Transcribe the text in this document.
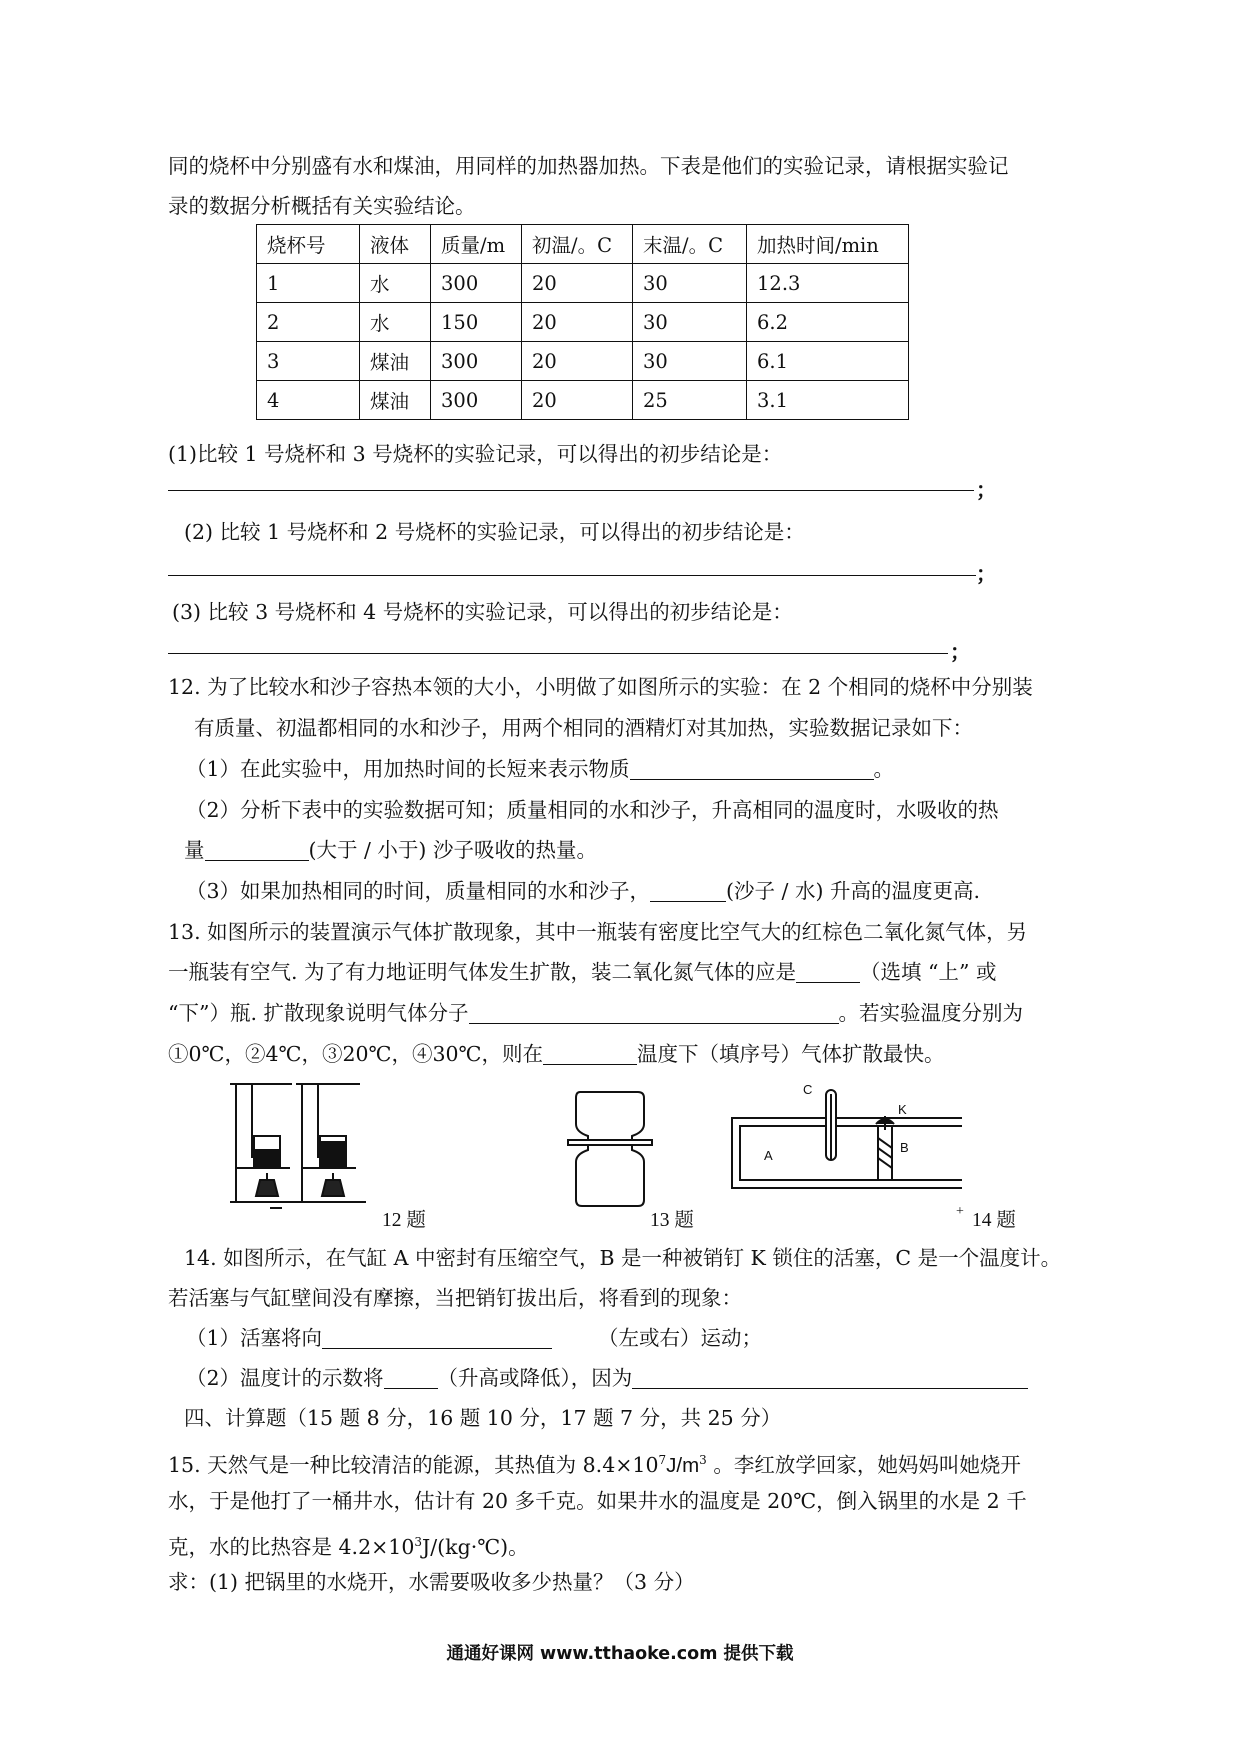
同的烧杯中分别盛有水和煤油，用同样的加热器加热。下表是他们的实验记录，请根据实验记
录的数据分析概括有关实验结论。
烧杯号	液体	质量/m	初温/。C	末温/。C	加热时间/min
1	水	300	20	30	12.3
2	水	150	20	30	6.2
3	煤油	300	20	30	6.1
4	煤油	300	20	25	3.1
(1)比较 1 号烧杯和 3 号烧杯的实验记录，可以得出的初步结论是：
；
(2) 比较 1 号烧杯和 2 号烧杯的实验记录，可以得出的初步结论是：
；
(3) 比较 3 号烧杯和 4 号烧杯的实验记录，可以得出的初步结论是：
；
12. 为了比较水和沙子容热本领的大小，小明做了如图所示的实验：在 2 个相同的烧杯中分别装
有质量、初温都相同的水和沙子，用两个相同的酒精灯对其加热，实验数据记录如下：
（1）在此实验中，用加热时间的长短来表示物质	。
（2）分析下表中的实验数据可知；质量相同的水和沙子，升高相同的温度时，水吸收的热
量	(大于 / 小于) 沙子吸收的热量。
（3）如果加热相同的时间，质量相同的水和沙子，	(沙子 / 水) 升高的温度更高.
13. 如图所示的装置演示气体扩散现象，其中一瓶装有密度比空气大的红棕色二氧化氮气体，另
一瓶装有空气. 为了有力地证明气体发生扩散，装二氧化氮气体的应是	（选填 “上” 或
“下”）瓶. 扩散现象说明气体分子	。若实验温度分别为
①0℃，②4℃，③20℃，④30℃，则在	温度下（填序号）气体扩散最快。
12 题	13 题
C
K
A
B
+ 14 题
14. 如图所示，在气缸 A 中密封有压缩空气，B 是一种被销钉 K 锁住的活塞，C 是一个温度计。
若活塞与气缸壁间没有摩擦，当把销钉拔出后，将看到的现象：
（1）活塞将向	（左或右）运动；
（2）温度计的示数将	（升高或降低），因为
四、计算题（15 题 8 分，16 题 10 分，17 题 7 分，共 25 分）
15. 天然气是一种比较清洁的能源，其热值为 $8.4\times 10^7J/m^3$ 。李红放学回家，她妈妈叫她烧开
水，于是他打了一桶井水，估计有 20 多千克。如果井水的温度是 20℃，倒入锅里的水是 2 千
克，水的比热容是 $4.2\times 10^3J/(kg\cdot℃)$。
求：(1) 把锅里的水烧开，水需要吸收多少热量？（3 分）
通通好课网 www.tthaoke.com 提供下载
